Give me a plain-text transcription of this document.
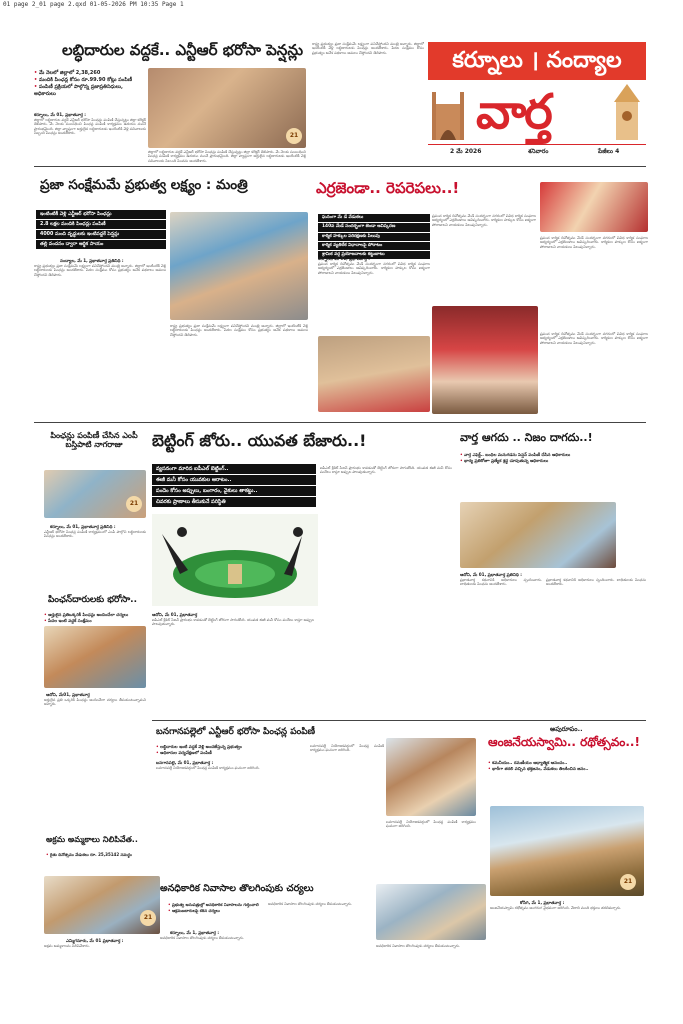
01 page 2_01 page 2.qxd 01-05-2026 PM 10:35 Page 1
లబ్ధిదారుల వద్దకే.. ఎన్టీఆర్ భరోసా పెన్షన్లు
• మే నెలలో జిల్లాలో 2,38,260
• మందికి పింఛన్ల కోసం రూ.99.90 కోట్లు పంపిణీ
• పంపిణీ ప్రక్రియలో పాల్గొన్న ప్రజాప్రతినిధులు, అధికారులు
కర్నూలు, మే 01, ప్రభాతవార్త :
జిల్లాలో లబ్ధిదారుల వద్దకే ఎన్టీఆర్ భరోసా పింఛన్లు పంపిణీ చేస్తున్నట్లు జిల్లా కలెక్టర్ తెలిపారు. మే నెలకు సంబంధించి పింఛన్ల పంపిణీ కార్యక్రమం ఉదయం నుంచే ప్రారంభమైంది. జిల్లా వ్యాప్తంగా అర్హులైన లబ్ధిదారులకు ఇంటింటికి వెళ్లి సచివాలయ సిబ్బంది పింఛన్లు అందజేశారు.
జిల్లాలో లబ్ధిదారుల వద్దకే ఎన్టీఆర్ భరోసా పింఛన్లు పంపిణీ చేస్తున్నట్లు జిల్లా కలెక్టర్ తెలిపారు. మే నెలకు సంబంధించి పింఛన్ల పంపిణీ కార్యక్రమం ఉదయం నుంచే ప్రారంభమైంది. జిల్లా వ్యాప్తంగా అర్హులైన లబ్ధిదారులకు ఇంటింటికి వెళ్లి సచివాలయ సిబ్బంది పింఛన్లు అందజేశారు.
రాష్ట్ర ప్రభుత్వం ప్రజా సంక్షేమమే లక్ష్యంగా పనిచేస్తోందని మంత్రి అన్నారు. జిల్లాలో ఇంటింటికీ వెళ్లి లబ్ధిదారులకు పింఛన్లు అందజేశారు. పేదల సంక్షేమం కోసం ప్రభుత్వం అనేక పథకాలు అమలు చేస్తోందని తెలిపారు.	కర్నూలు । నంద్యాల
వార్త
2 మే 2026	శనివారం	పేజీలు 4
ప్రజా సంక్షేమమే ప్రభుత్వ లక్ష్యం : మంత్రి
ఇంటింటికీ వెళ్లి ఎన్టీఆర్ భరోసా పింఛన్లు
2.8 లక్షల మందికి పింఛన్లు పంపిణీ
4000 మంది వృద్ధులకు ఇంటివద్దకే పెన్షన్లు
తల్లి వందనం ద్వారా ఆర్థిక సాయం
నంద్యాల, మే 1, ప్రభాతవార్త ప్రతినిధి :
రాష్ట్ర ప్రభుత్వం ప్రజా సంక్షేమమే లక్ష్యంగా పనిచేస్తోందని మంత్రి అన్నారు. జిల్లాలో ఇంటింటికీ వెళ్లి లబ్ధిదారులకు పింఛన్లు అందజేశారు. పేదల సంక్షేమం కోసం ప్రభుత్వం అనేక పథకాలు అమలు చేస్తోందని తెలిపారు.
రాష్ట్ర ప్రభుత్వం ప్రజా సంక్షేమమే లక్ష్యంగా పనిచేస్తోందని మంత్రి అన్నారు. జిల్లాలో ఇంటింటికీ వెళ్లి లబ్ధిదారులకు పింఛన్లు అందజేశారు. పేదల సంక్షేమం కోసం ప్రభుత్వం అనేక పథకాలు అమలు చేస్తోందని తెలిపారు.
ఎర్రజెండా.. రెపరెపలు..!
ఘనంగా మే డే వేడుకలు
140వ మేడే సందర్భంగా జెండా ఆవిష్కరణ
కార్మిక హక్కుల పరిరక్షణకు పిలుపు
కార్మిక వ్యతిరేక విధానాలపై పోరాటం
శ్రామిక వర్గ ప్రయోజనాలకు కట్టుబాటు
ప్రపంచ కార్మిక దినోత్సవం మేడే సందర్భంగా నగరంలో వివిధ కార్మిక సంఘాల ఆధ్వర్యంలో ఎర్రజెండాలు ఆవిష్కరించారు. కార్మికుల హక్కుల కోసం ఐక్యంగా పోరాడాలని నాయకులు పిలుపునిచ్చారు.
ప్రపంచ కార్మిక దినోత్సవం మేడే సందర్భంగా నగరంలో వివిధ కార్మిక సంఘాల ఆధ్వర్యంలో ఎర్రజెండాలు ఆవిష్కరించారు. కార్మికుల హక్కుల కోసం ఐక్యంగా పోరాడాలని నాయకులు పిలుపునిచ్చారు.
కర్నూలు, మే 01, ప్రభాతవార్త :
ప్రపంచ కార్మిక దినోత్సవం మేడే సందర్భంగా నగరంలో వివిధ కార్మిక సంఘాల ఆధ్వర్యంలో ఎర్రజెండాలు ఆవిష్కరించారు. కార్మికుల హక్కుల కోసం ఐక్యంగా పోరాడాలని నాయకులు పిలుపునిచ్చారు.
ప్రపంచ కార్మిక దినోత్సవం మేడే సందర్భంగా నగరంలో వివిధ కార్మిక సంఘాల ఆధ్వర్యంలో ఎర్రజెండాలు ఆవిష్కరించారు. కార్మికుల హక్కుల కోసం ఐక్యంగా పోరాడాలని నాయకులు పిలుపునిచ్చారు.
పింఛన్లు పంపిణీ చేసిన ఎంపీ బస్తిపాటి నాగరాజు
కర్నూలు, మే 01, ప్రభాతవార్త ప్రతినిధి :
ఎన్టీఆర్ భరోసా పింఛన్ల పంపిణీ కార్యక్రమంలో ఎంపీ పాల్గొని లబ్ధిదారులకు పింఛన్లు అందజేశారు.
పింఛన్‌దారులకు భరోసా..
• అర్హులైన ప్రతిఒక్కరికీ పింఛన్లు అందించేలా చర్యలు
• పేదల ఇంటి వద్దకే సంక్షేమం
ఆదోని, మే01, ప్రభాతవార్త
అర్హులైన ప్రతి ఒక్కరికి పింఛన్లు అందించేలా చర్యలు తీసుకుంటున్నామని అన్నారు.
బెట్టింగ్ జోరు.. యువత బేజారు..!
వ్యసనంగా మారిన ఐపీఎల్ బెట్టింగ్..
ఈజీ మనీ కోసం యువకుల ఆరాటం..
పందెం కోసం అప్పులు, బంగారం, వైకులు తాకట్టు..
చివరకు ప్రాణాలు తీసుకునే పరిస్థితి
ఆదోని, మే 01, ప్రభాతవార్త
ఐపీఎల్ క్రికెట్ సీజన్ ప్రారంభం కావడంతో బెట్టింగ్ జోరుగా సాగుతోంది. యువత ఈజీ మనీ కోసం పందేలు కాస్తూ అప్పుల పాలవుతున్నారు.
ఐపీఎల్ క్రికెట్ సీజన్ ప్రారంభం కావడంతో బెట్టింగ్ జోరుగా సాగుతోంది. యువత ఈజీ మనీ కోసం పందేలు కాస్తూ అప్పుల పాలవుతున్నారు.
వార్త ఆగదు .. నిజం దాగదు..!
• వార్త ఎఫెక్ట్.. బంధిల మనుగడను పెన్షన్ పంపిణీ చేసిన అధికారులు
• భార్య ప్రతిరోజూ ప్రత్యేక శ్రద్ధ చూపుతున్న అధికారులు
ఆదోని, మే 01, ప్రభాతవార్త ప్రతినిధి :
ప్రభాతవార్త కథనానికి అధికారులు స్పందించారు. బాధితులకు పింఛను అందజేశారు.
ప్రభాతవార్త కథనానికి అధికారులు స్పందించారు. బాధితులకు పింఛను అందజేశారు.
బనగానపల్లెలో ఎన్టీఆర్ భరోసా పింఛన్ల పంపిణీ
• లబ్ధిదారుల ఇంటి వద్దకే వెళ్లి అందజేస్తున్న ప్రభుత్వం
• అధికారుల పర్యవేక్షణలో పంపిణీ
బనగానపల్లె, మే 01, ప్రభాతవార్త :
బనగానపల్లె నియోజకవర్గంలో పింఛన్ల పంపిణీ కార్యక్రమం ఘనంగా జరిగింది.
బనగానపల్లె నియోజకవర్గంలో పింఛన్ల పంపిణీ కార్యక్రమం ఘనంగా జరిగింది.
బనగానపల్లె నియోజకవర్గంలో పింఛన్ల పంపిణీ కార్యక్రమం ఘనంగా జరిగింది.
అపురూపం..
ఆంజనేయస్వామి.. రథోత్సవం..!
• కమనీయం.. రమణీయం ఆధ్యాత్మిక ఆనందం..
• భారీగా తరలి వచ్చిన భక్తజనం, వేడుకలు తిలకించిన జనం..
కోసిగి, మే 1, ప్రభాతవార్త :
ఆంజనేయస్వామి రథోత్సవం అంగరంగ వైభవంగా జరిగింది. వేలాది మంది భక్తులు తరలివచ్చారు.
అక్రమ అమ్మకాలు నిలిపివేత..
• రైతు దినోత్సవం వేడుకలు రూ. 25,35142 సమర్థం
ఎమ్మిగనూరు, మే 01 ప్రభాతవార్త :
అక్రమ అమ్మకాలను నిలిపివేశారు.
అనధికారిక నివాసాల తొలగింపుకు చర్యలు
• ప్రభుత్వ ఆసుపత్రుల్లో అనధికారిక నివాసాలను గుర్తించాలి
• ఆక్రమణదారులపై కఠిన చర్యలు
కర్నూలు, మే 1, ప్రభాతవార్త :
అనధికారిక నివాసాల తొలగింపుకు చర్యలు తీసుకుంటున్నారు.
అనధికారిక నివాసాల తొలగింపుకు చర్యలు తీసుకుంటున్నారు.
అనధికారిక నివాసాల తొలగింపుకు చర్యలు తీసుకుంటున్నారు.
21
21
21
21
